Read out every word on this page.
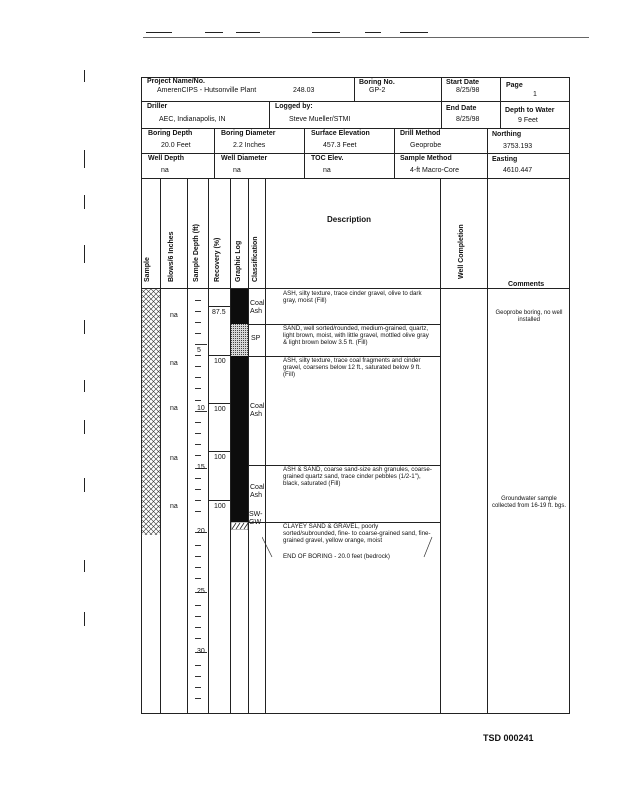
Project Name/No.
AmerenCIPS - Hutsonville Plant	248.03
Boring No.
GP-2
Start Date
8/25/98
Page
1
Driller
AEC, Indianapolis, IN
Logged by:
Steve Mueller/STMI
End Date
8/25/98
Depth to Water
9 Feet
Boring Depth
20.0 Feet
Boring Diameter
2.2 Inches
Surface Elevation
457.3 Feet
Drill Method
Geoprobe
Northing
3753.193
Well Depth
na
Well Diameter
na
TOC Elev.
na
Sample Method
4-ft Macro-Core
Easting
4610.447
Sample Blows/6 Inches	Sample Depth (ft) Recovery (%) Graphic Log Classification
Description
Well Completion
Comments
5
10
15
20
25
30
na
na
na
na
na
87.5
100
100
100
100
Coal Ash
SP
Coal Ash
Coal Ash
SW-
ASH, silty texture, trace cinder gravel, olive to dark gray, moist (Fill)
SAND, well sorted/rounded, medium-grained, quartz, light brown, moist, with little gravel, mottled olive gray & light brown below 3.5 ft. (Fill)
ASH, silty texture, trace coal fragments and cinder gravel, coarsens below 12 ft., saturated below 9 ft. (Fill)
ASH & SAND, coarse sand-size ash granules, coarse-grained quartz sand, trace cinder pebbles (1/2-1"), black, saturated (Fill)
CLAYEY SAND & GRAVEL, poorly sorted/subrounded, fine- to coarse-grained sand, fine-grained gravel, yellow orange, moist
END OF BORING - 20.0 feet (bedrock)
Geoprobe boring, no well installed
Groundwater sample collected from 16-19 ft. bgs.
TSD 000241
